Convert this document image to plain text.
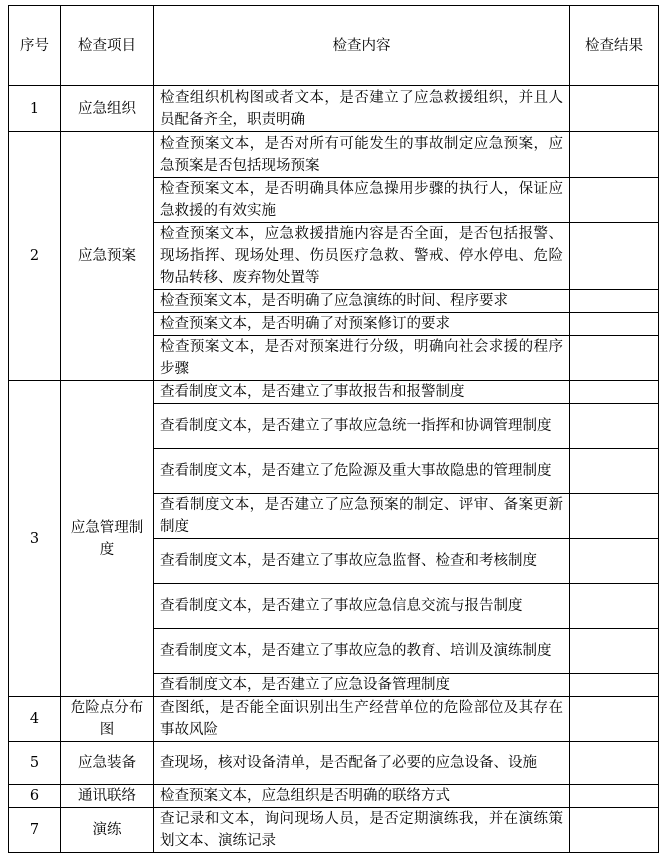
序号	检查项目	检查内容	检查结果
1	应急组织	检查组织机构图或者文本，是否建立了应急救援组织，并且人员配备齐全，职责明确	
2	应急预案	检查预案文本，是否对所有可能发生的事故制定应急预案，应急预案是否包括现场预案	
		检查预案文本，是否明确具体应急操用步骤的执行人，保证应急救援的有效实施	
		检查预案文本，应急救援措施内容是否全面，是否包括报警、现场指挥、现场处理、伤员医疗急救、警戒、停水停电、危险物品转移、废弃物处置等	
		检查预案文本，是否明确了应急演练的时间、程序要求	
		检查预案文本，是否明确了对预案修订的要求	
		检查预案文本，是否对预案进行分级，明确向社会求援的程序步骤	
3	应急管理制度	查看制度文本，是否建立了事故报告和报警制度	
		查看制度文本，是否建立了事故应急统一指挥和协调管理制度	
		查看制度文本，是否建立了危险源及重大事故隐患的管理制度	
		查看制度文本，是否建立了应急预案的制定、评审、备案更新制度	
		查看制度文本，是否建立了事故应急监督、检查和考核制度	
		查看制度文本，是否建立了事故应急信息交流与报告制度	
		查看制度文本，是否建立了事故应急的教育、培训及演练制度	
		查看制度文本，是否建立了应急设备管理制度	
4	危险点分布图	查图纸，是否能全面识别出生产经营单位的危险部位及其存在事故风险	
5	应急装备	查现场，核对设备清单，是否配备了必要的应急设备、设施	
6	通讯联络	检查预案文本，应急组织是否明确的联络方式	
7	演练	查记录和文本，询问现场人员，是否定期演练我，并在演练策划文本、演练记录	
